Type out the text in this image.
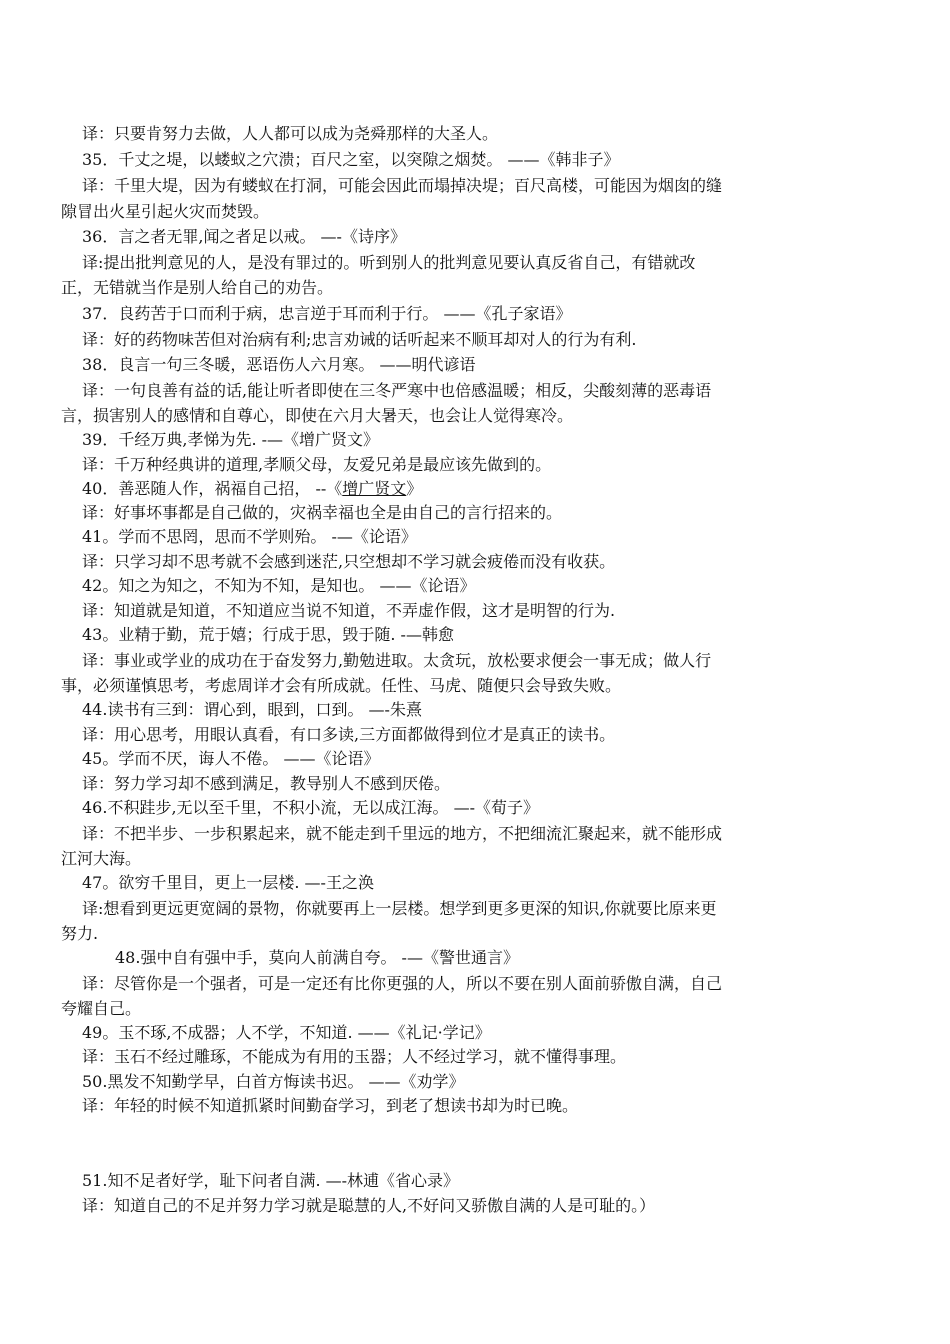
译：只要肯努力去做，人人都可以成为尧舜那样的大圣人。
35．千丈之堤，以蝼蚁之穴溃；百尺之室，以突隙之烟焚。 ——《韩非子》
译：千里大堤，因为有蝼蚁在打洞，可能会因此而塌掉决堤；百尺高楼，可能因为烟囱的缝
隙冒出火星引起火灾而焚毁。
36．言之者无罪,闻之者足以戒。 —-《诗序》
译:提出批判意见的人，是没有罪过的。听到别人的批判意见要认真反省自己，有错就改
正，无错就当作是别人给自己的劝告。
37．良药苦于口而利于病，忠言逆于耳而利于行。 ——《孔子家语》
译：好的药物味苦但对治病有利;忠言劝诫的话听起来不顺耳却对人的行为有利.
38．良言一句三冬暖，恶语伤人六月寒。 ——明代谚语
译：一句良善有益的话,能让听者即使在三冬严寒中也倍感温暖；相反，尖酸刻薄的恶毒语
言，损害别人的感情和自尊心，即使在六月大暑天，也会让人觉得寒冷。
39．千经万典,孝悌为先. -—《增广贤文》
译：千万种经典讲的道理,孝顺父母，友爱兄弟是最应该先做到的。
40．善恶随人作，祸福自己招， --《增广贤文》
译：好事坏事都是自己做的，灾祸幸福也全是由自己的言行招来的。
41。学而不思罔，思而不学则殆。 -—《论语》
译：只学习却不思考就不会感到迷茫,只空想却不学习就会疲倦而没有收获。
42。知之为知之，不知为不知，是知也。 ——《论语》
译：知道就是知道，不知道应当说不知道，不弄虚作假，这才是明智的行为.
43。业精于勤，荒于嬉；行成于思，毁于随. -—韩愈
译：事业或学业的成功在于奋发努力,勤勉进取。太贪玩，放松要求便会一事无成；做人行
事，必须谨慎思考，考虑周详才会有所成就。任性、马虎、随便只会导致失败。
44.读书有三到：谓心到，眼到，口到。 —-朱熹
译：用心思考，用眼认真看，有口多读,三方面都做得到位才是真正的读书。
45。学而不厌，诲人不倦。 ——《论语》
译：努力学习却不感到满足，教导别人不感到厌倦。
46.不积跬步,无以至千里，不积小流，无以成江海。 —-《荀子》
译：不把半步、一步积累起来，就不能走到千里远的地方，不把细流汇聚起来，就不能形成
江河大海。
47。欲穷千里目，更上一层楼. —-王之涣
译:想看到更远更宽阔的景物，你就要再上一层楼。想学到更多更深的知识,你就要比原来更
努力.
48.强中自有强中手，莫向人前满自夸。 -—《警世通言》
译：尽管你是一个强者，可是一定还有比你更强的人，所以不要在别人面前骄傲自满，自己
夸耀自己。
49。玉不琢,不成器；人不学，不知道. ——《礼记·学记》
译：玉石不经过雕琢，不能成为有用的玉器；人不经过学习，就不懂得事理。
50.黑发不知勤学早，白首方悔读书迟。 ——《劝学》
译：年轻的时候不知道抓紧时间勤奋学习，到老了想读书却为时已晚。
51.知不足者好学，耻下问者自满. —-林逋《省心录》
译：知道自己的不足并努力学习就是聪慧的人,不好问又骄傲自满的人是可耻的。）
